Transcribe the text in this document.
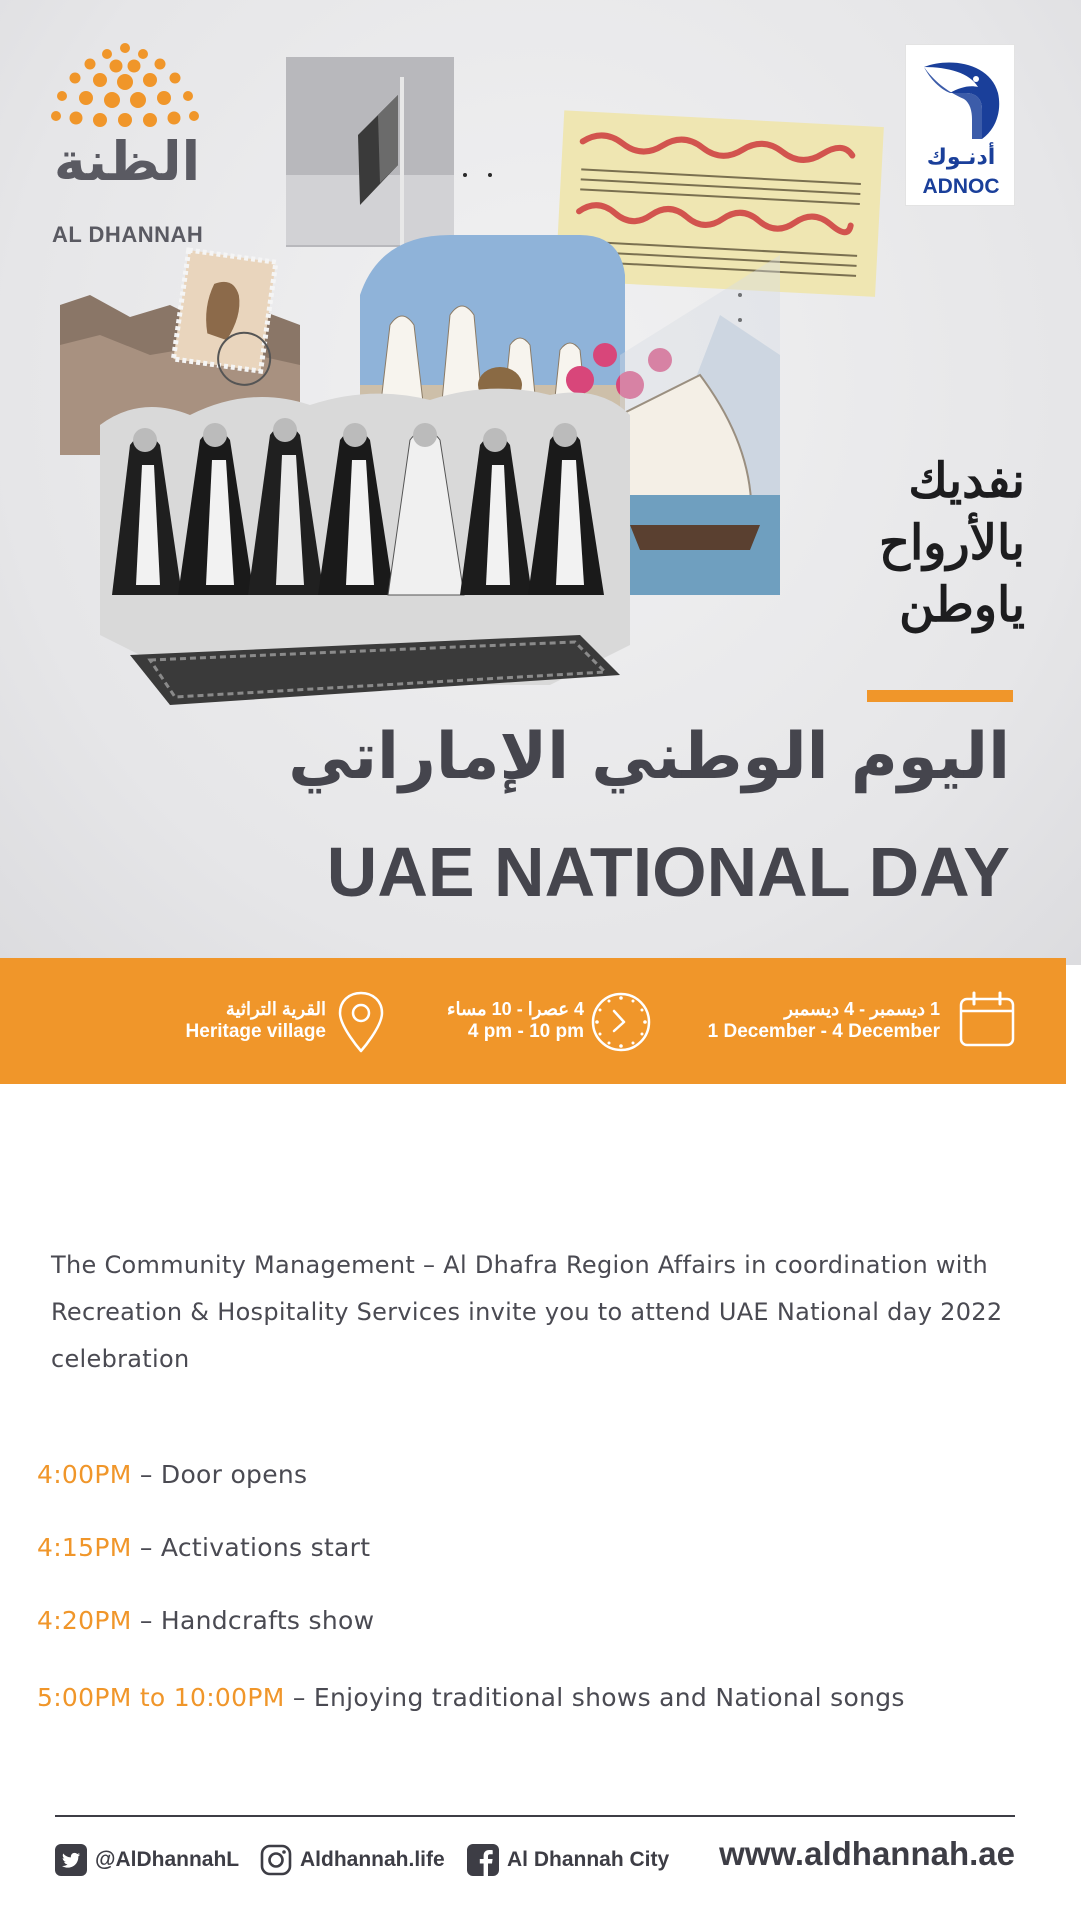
الظنة
AL DHANNAH
أدنـوك
ADNOC
نفديك
بالأرواح
ياوطن
اليوم الوطني الإماراتي
UAE NATIONAL DAY
1 ديسمبر - 4 ديسمبر
1 December - 4 December
4 عصرا - 10 مساء
4 pm - 10 pm
القرية التراثية
Heritage village

The Community Management – Al Dhafra Region Affairs in coordination with Recreation & Hospitality Services invite you to attend UAE National day 2022 celebration

4:00PM – Door opens
4:15PM – Activations start
4:20PM – Handcrafts show
5:00PM to 10:00PM – Enjoying traditional shows and National songs
@AlDhannahL	Aldhannah.life	Al Dhannah City www.aldhannah.ae
